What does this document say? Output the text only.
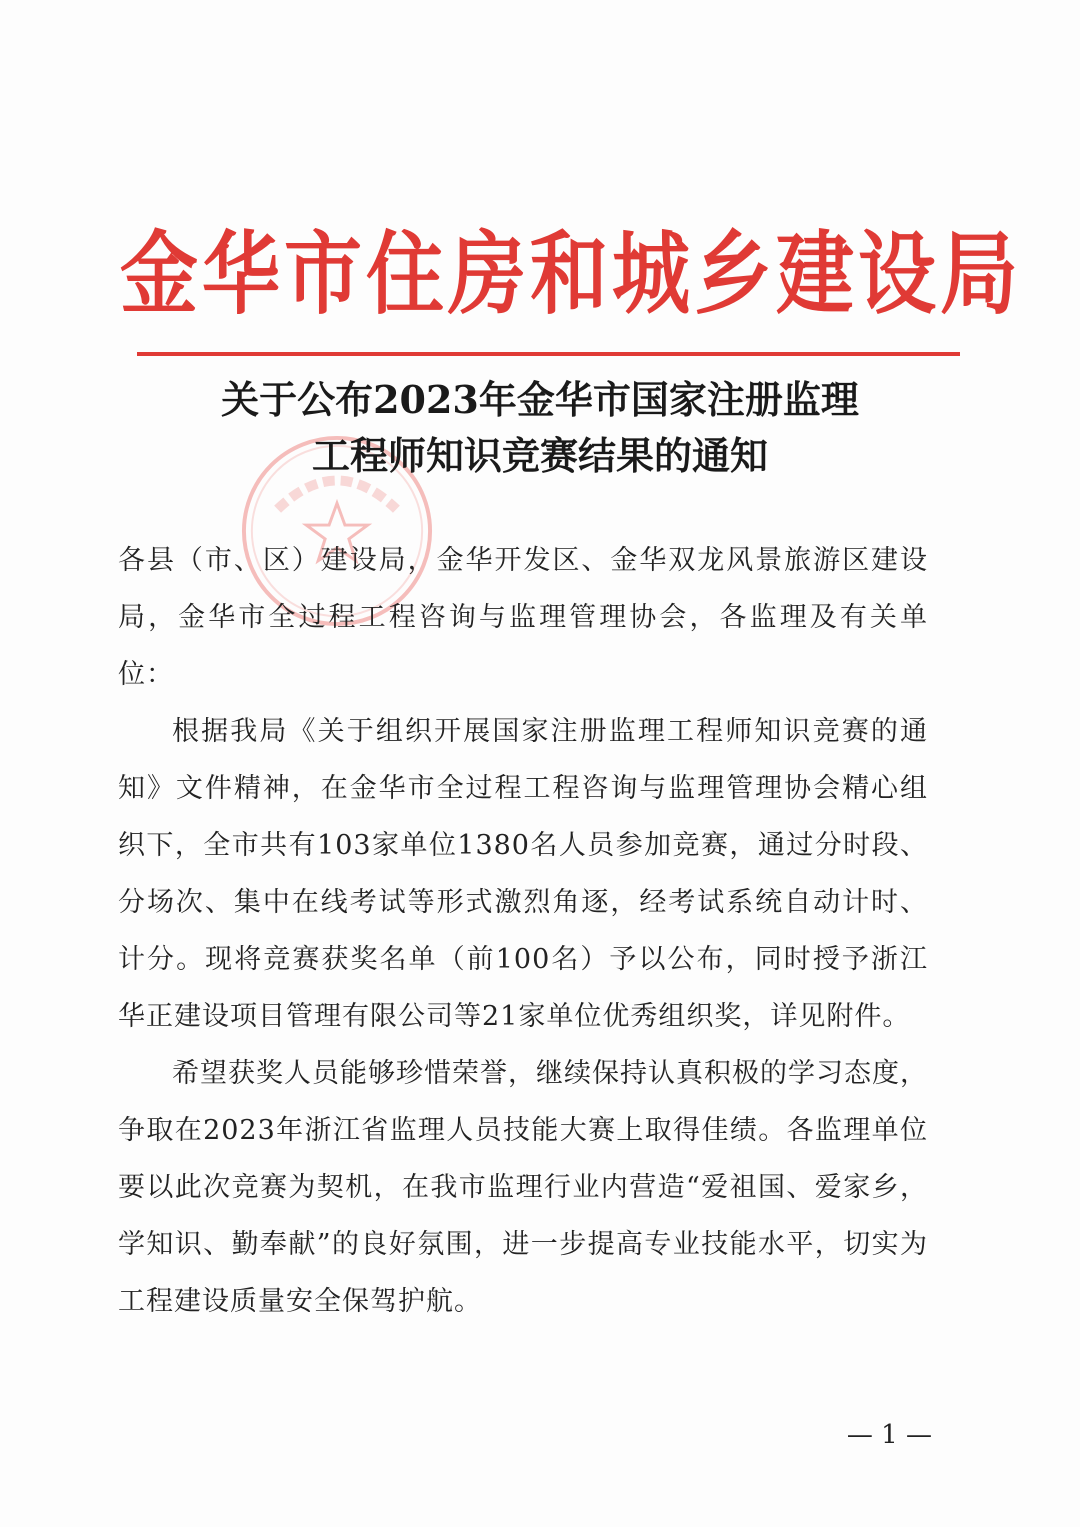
金华市住房和城乡建设局
关于公布2023年金华市国家注册监理
工程师知识竞赛结果的通知

各县（市、区）建设局，金华开发区、金华双龙风景旅游区建设局，金华市全过程工程咨询与监理管理协会，各监理及有关单位：

根据我局《关于组织开展国家注册监理工程师知识竞赛的通知》文件精神，在金华市全过程工程咨询与监理管理协会精心组织下，全市共有103家单位1380名人员参加竞赛，通过分时段、分场次、集中在线考试等形式激烈角逐，经考试系统自动计时、计分。现将竞赛获奖名单（前100名）予以公布，同时授予浙江华正建设项目管理有限公司等21家单位优秀组织奖，详见附件。

希望获奖人员能够珍惜荣誉，继续保持认真积极的学习态度，争取在2023年浙江省监理人员技能大赛上取得佳绩。各监理单位要以此次竞赛为契机，在我市监理行业内营造“爱祖国、爱家乡，学知识、勤奉献”的良好氛围，进一步提高专业技能水平，切实为工程建设质量安全保驾护航。

— 1 —
